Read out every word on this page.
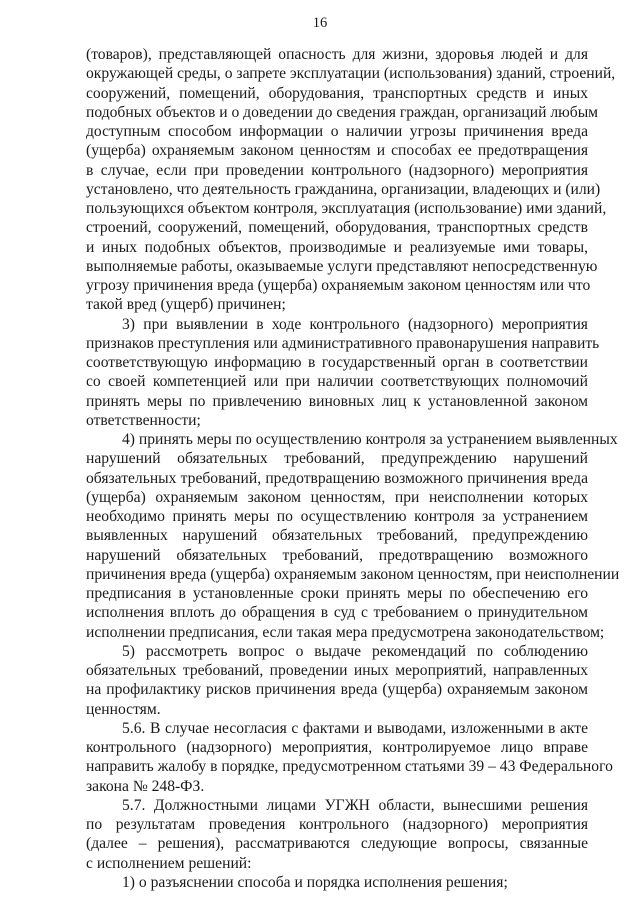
16
(товаров), представляющей опасность для жизни, здоровья людей и для
окружающей среды, о запрете эксплуатации (использования) зданий, строений,
сооружений, помещений, оборудования, транспортных средств и иных
подобных объектов и о доведении до сведения граждан, организаций любым
доступным способом информации о наличии угрозы причинения вреда
(ущерба) охраняемым законом ценностям и способах ее предотвращения
в случае, если при проведении контрольного (надзорного) мероприятия
установлено, что деятельность гражданина, организации, владеющих и (или)
пользующихся объектом контроля, эксплуатация (использование) ими зданий,
строений, сооружений, помещений, оборудования, транспортных средств
и иных подобных объектов, производимые и реализуемые ими товары,
выполняемые работы, оказываемые услуги представляют непосредственную
угрозу причинения вреда (ущерба) охраняемым законом ценностям или что
такой вред (ущерб) причинен;
3) при выявлении в ходе контрольного (надзорного) мероприятия
признаков преступления или административного правонарушения направить
соответствующую информацию в государственный орган в соответствии
со своей компетенцией или при наличии соответствующих полномочий
принять меры по привлечению виновных лиц к установленной законом
ответственности;
4) принять меры по осуществлению контроля за устранением выявленных
нарушений обязательных требований, предупреждению нарушений
обязательных требований, предотвращению возможного причинения вреда
(ущерба) охраняемым законом ценностям, при неисполнении которых
необходимо принять меры по осуществлению контроля за устранением
выявленных нарушений обязательных требований, предупреждению
нарушений обязательных требований, предотвращению возможного
причинения вреда (ущерба) охраняемым законом ценностям, при неисполнении
предписания в установленные сроки принять меры по обеспечению его
исполнения вплоть до обращения в суд с требованием о принудительном
исполнении предписания, если такая мера предусмотрена законодательством;
5) рассмотреть вопрос о выдаче рекомендаций по соблюдению
обязательных требований, проведении иных мероприятий, направленных
на профилактику рисков причинения вреда (ущерба) охраняемым законом
ценностям.
5.6. В случае несогласия с фактами и выводами, изложенными в акте
контрольного (надзорного) мероприятия, контролируемое лицо вправе
направить жалобу в порядке, предусмотренном статьями 39 – 43 Федерального
закона № 248-ФЗ.
5.7. Должностными лицами УГЖН области, вынесшими решения
по результатам проведения контрольного (надзорного) мероприятия
(далее – решения), рассматриваются следующие вопросы, связанные
с исполнением решений:
1) о разъяснении способа и порядка исполнения решения;
